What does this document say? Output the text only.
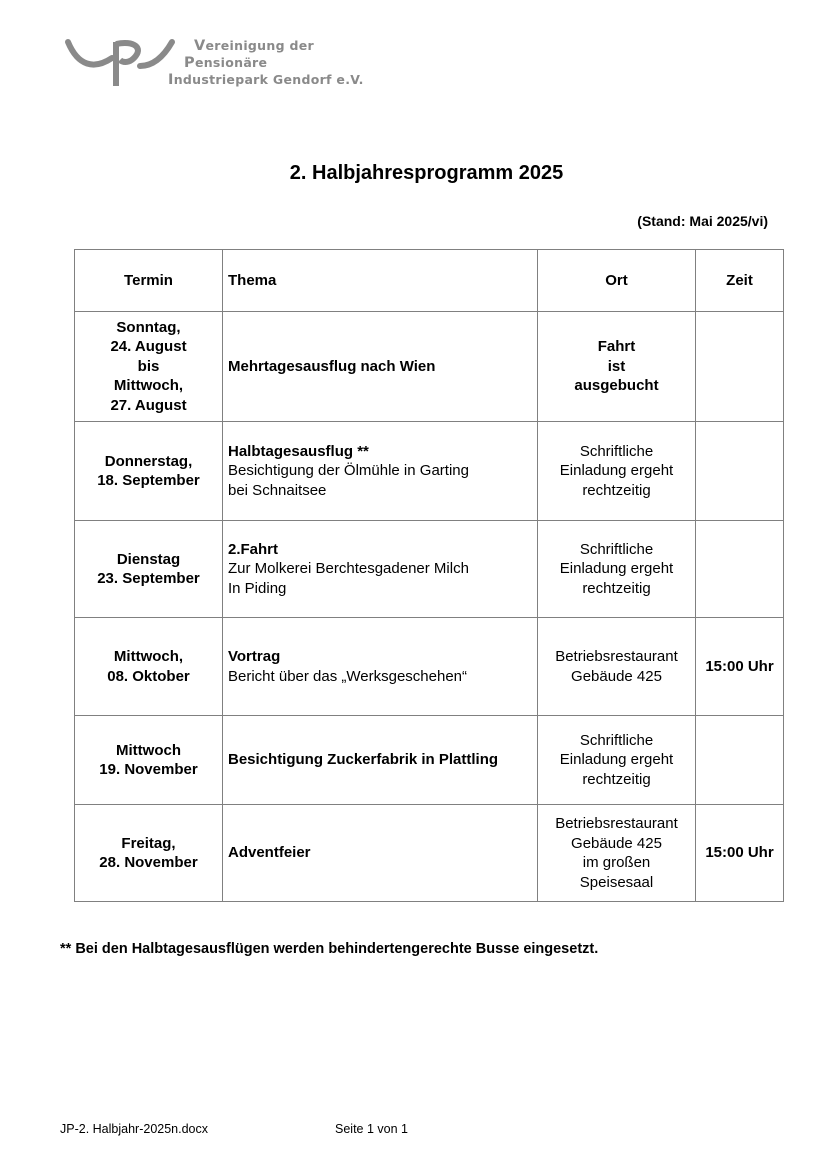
Vereinigung der
Pensionäre
Industriepark Gendorf e.V.
2. Halbjahresprogramm 2025
(Stand: Mai 2025/vi)
Termin	Thema	Ort	Zeit

Sonntag,
24. August
bis
Mittwoch,
27. August	Mehrtagesausflug nach Wien	Fahrt
ist
ausgebucht	

Donnerstag,
18. September	Halbtagesausflug **
Besichtigung der Ölmühle in Garting
bei Schnaitsee	Schriftliche
Einladung ergeht
rechtzeitig	

Dienstag
23. September	2.Fahrt
Zur Molkerei Berchtesgadener Milch
In Piding	Schriftliche
Einladung ergeht
rechtzeitig	

Mittwoch,
08. Oktober	Vortrag
Bericht über das „Werksgeschehen“	Betriebsrestaurant
Gebäude 425	15:00 Uhr

Mittwoch
19. November	Besichtigung Zuckerfabrik in Plattling	Schriftliche
Einladung ergeht
rechtzeitig	

Freitag,
28. November	Adventfeier	Betriebsrestaurant
Gebäude 425
im großen
Speisesaal	15:00 Uhr
** Bei den Halbtagesausflügen werden behindertengerechte Busse eingesetzt.
JP-2. Halbjahr-2025n.docx	Seite 1 von 1
